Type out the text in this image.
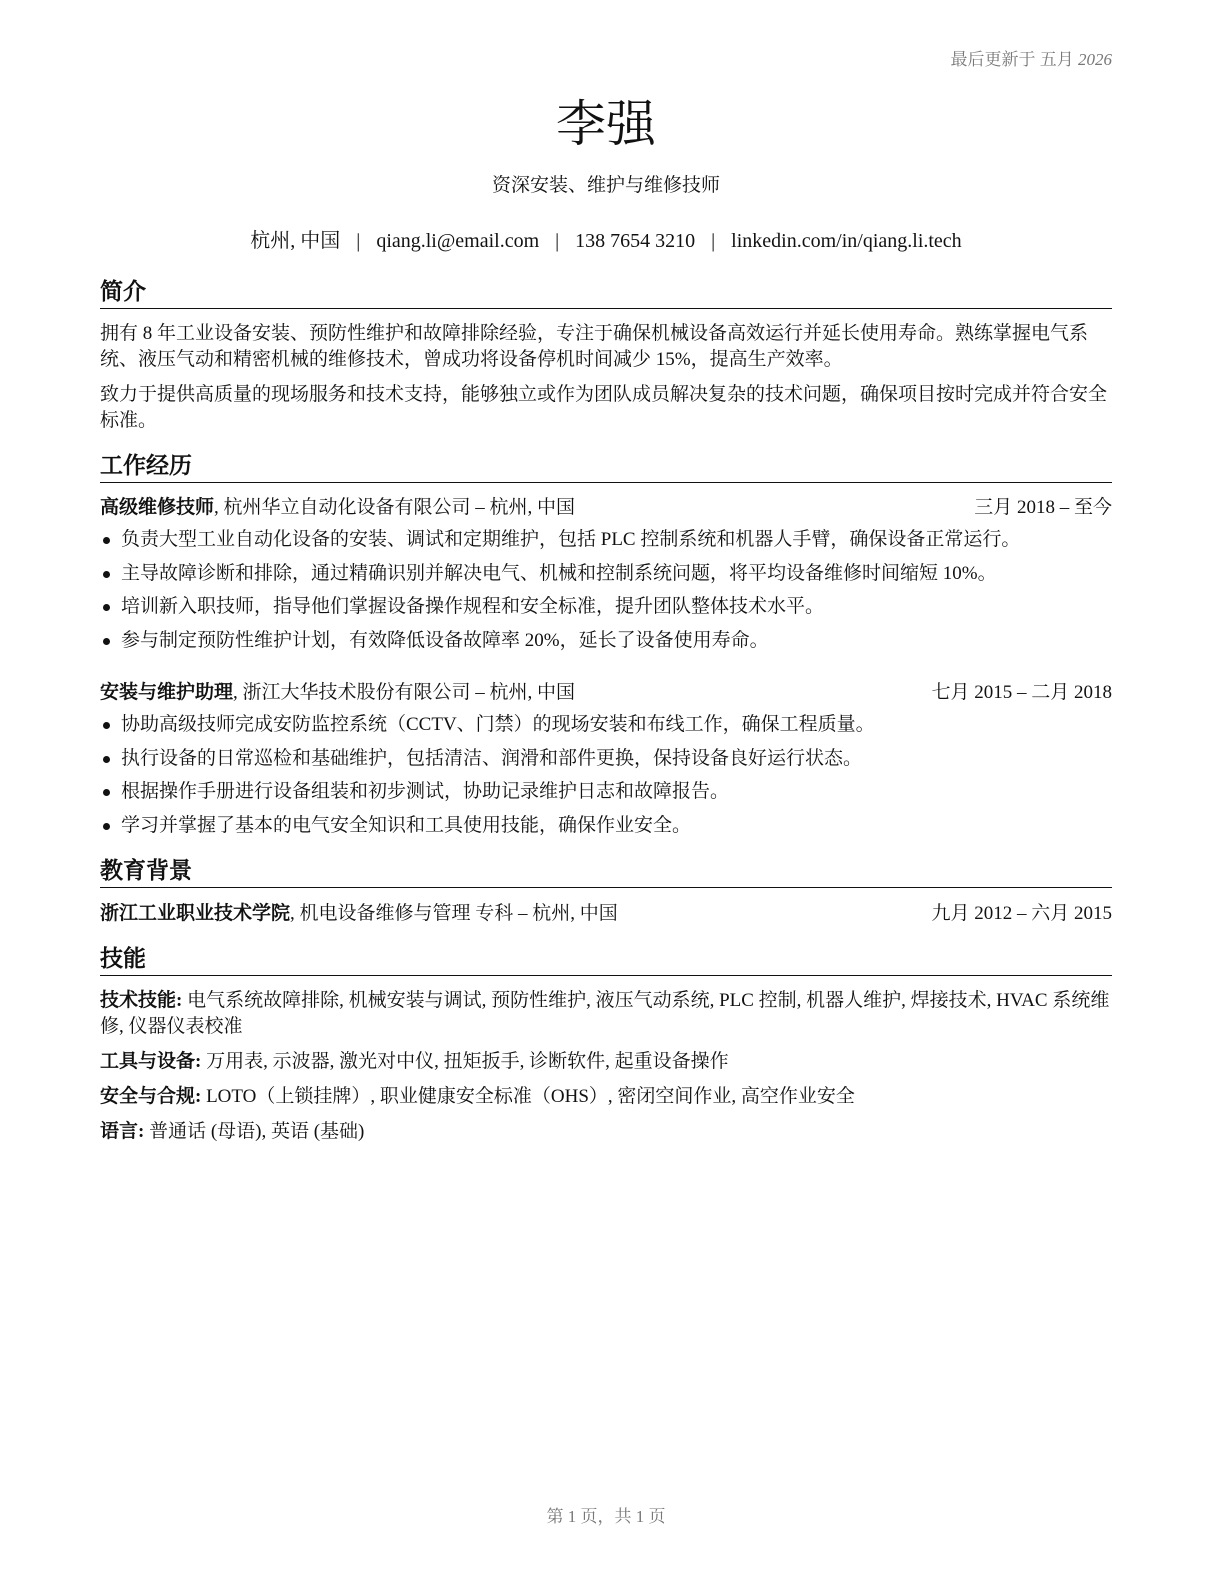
最后更新于 五月 2026
李强
资深安装、维护与维修技师
杭州, 中国 | qiang.li@email.com | 138 7654 3210 | linkedin.com/in/qiang.li.tech
简介
拥有 8 年工业设备安装、预防性维护和故障排除经验，专注于确保机械设备高效运行并延长使用寿命。熟练掌握电气系统、液压气动和精密机械的维修技术，曾成功将设备停机时间减少 15%，提高生产效率。
致力于提供高质量的现场服务和技术支持，能够独立或作为团队成员解决复杂的技术问题，确保项目按时完成并符合安全标准。
工作经历
高级维修技师, 杭州华立自动化设备有限公司 – 杭州, 中国	三月 2018 – 至今
负责大型工业自动化设备的安装、调试和定期维护，包括 PLC 控制系统和机器人手臂，确保设备正常运行。
主导故障诊断和排除，通过精确识别并解决电气、机械和控制系统问题，将平均设备维修时间缩短 10%。
培训新入职技师，指导他们掌握设备操作规程和安全标准，提升团队整体技术水平。
参与制定预防性维护计划，有效降低设备故障率 20%，延长了设备使用寿命。
安装与维护助理, 浙江大华技术股份有限公司 – 杭州, 中国	七月 2015 – 二月 2018
协助高级技师完成安防监控系统（CCTV、门禁）的现场安装和布线工作，确保工程质量。
执行设备的日常巡检和基础维护，包括清洁、润滑和部件更换，保持设备良好运行状态。
根据操作手册进行设备组装和初步测试，协助记录维护日志和故障报告。
学习并掌握了基本的电气安全知识和工具使用技能，确保作业安全。
教育背景
浙江工业职业技术学院, 机电设备维修与管理 专科 – 杭州, 中国	九月 2012 – 六月 2015
技能
技术技能: 电气系统故障排除, 机械安装与调试, 预防性维护, 液压气动系统, PLC 控制, 机器人维护, 焊接技术, HVAC 系统维修, 仪器仪表校准
工具与设备: 万用表, 示波器, 激光对中仪, 扭矩扳手, 诊断软件, 起重设备操作
安全与合规: LOTO（上锁挂牌）, 职业健康安全标准（OHS）, 密闭空间作业, 高空作业安全
语言: 普通话 (母语), 英语 (基础)
第 1 页，共 1 页
